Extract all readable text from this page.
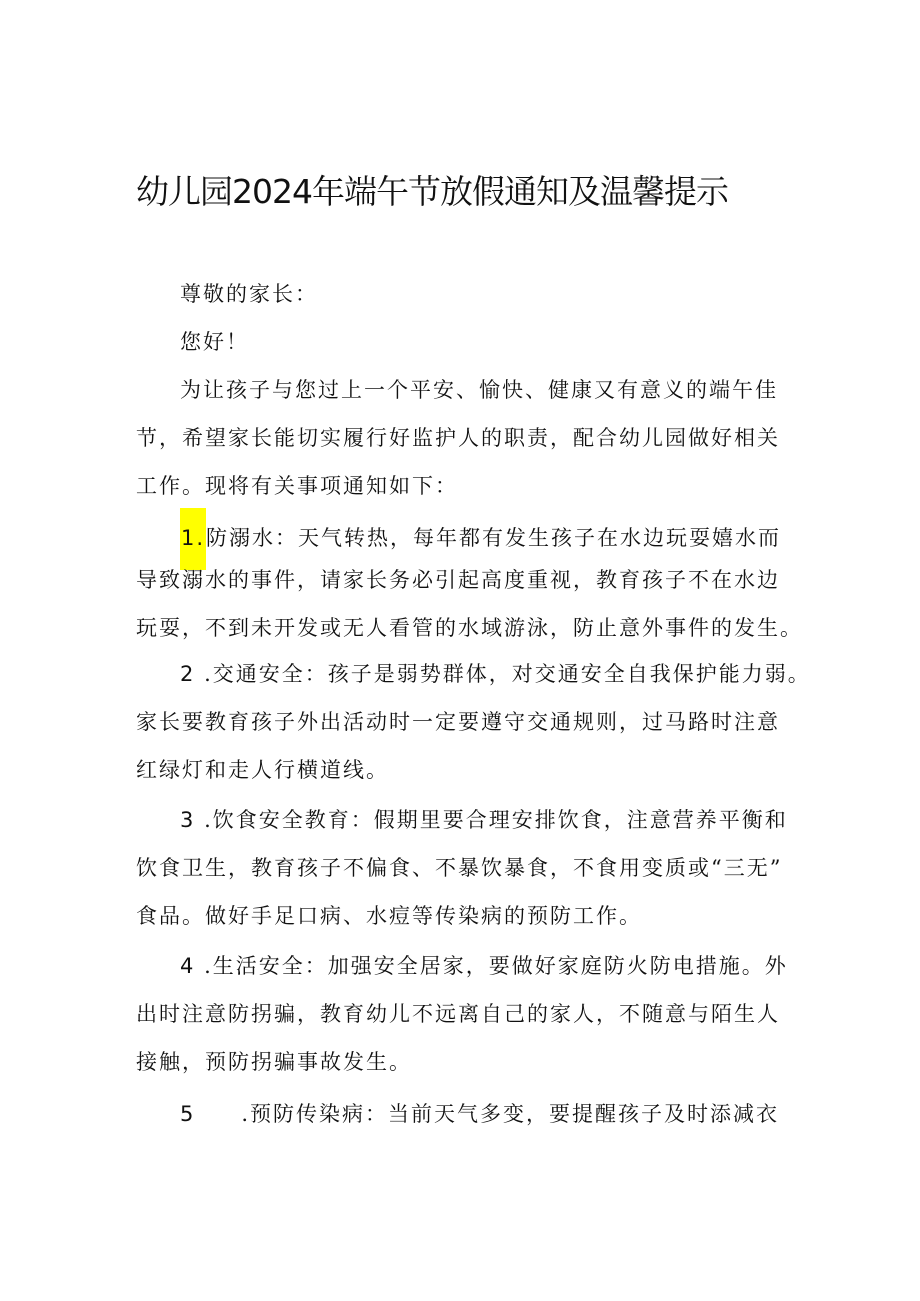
幼儿园2024年端午节放假通知及温馨提示
尊敬的家长：
您好！
为让孩子与您过上一个平安、愉快、健康又有意义的端午佳
节，希望家长能切实履行好监护人的职责，配合幼儿园做好相关
工作。现将有关事项通知如下：
1.防溺水：天气转热，每年都有发生孩子在水边玩耍嬉水而
导致溺水的事件，请家长务必引起高度重视，教育孩子不在水边
玩耍，不到未开发或无人看管的水域游泳，防止意外事件的发生。
2 .交通安全：孩子是弱势群体，对交通安全自我保护能力弱。
家长要教育孩子外出活动时一定要遵守交通规则，过马路时注意
红绿灯和走人行横道线。
3 .饮食安全教育：假期里要合理安排饮食，注意营养平衡和
饮食卫生，教育孩子不偏食、不暴饮暴食，不食用变质或“三无”
食品。做好手足口病、水痘等传染病的预防工作。
4 .生活安全：加强安全居家，要做好家庭防火防电措施。外
出时注意防拐骗，教育幼儿不远离自己的家人，不随意与陌生人
接触，预防拐骗事故发生。
5 .预防传染病：当前天气多变，要提醒孩子及时添减衣
